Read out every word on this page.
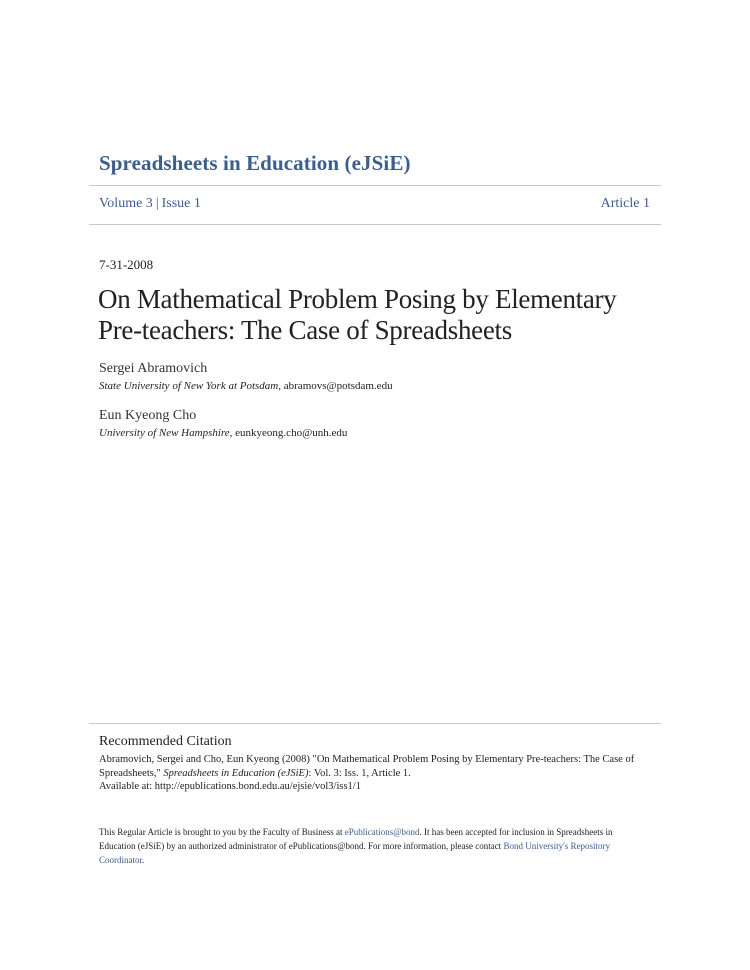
Spreadsheets in Education (eJSiE)
Volume 3 | Issue 1	Article 1
7-31-2008
On Mathematical Problem Posing by Elementary Pre-teachers: The Case of Spreadsheets
Sergei Abramovich
State University of New York at Potsdam, abramovs@potsdam.edu
Eun Kyeong Cho
University of New Hampshire, eunkyeong.cho@unh.edu
Recommended Citation
Abramovich, Sergei and Cho, Eun Kyeong (2008) "On Mathematical Problem Posing by Elementary Pre-teachers: The Case of Spreadsheets," Spreadsheets in Education (eJSiE): Vol. 3: Iss. 1, Article 1.
Available at: http://epublications.bond.edu.au/ejsie/vol3/iss1/1
This Regular Article is brought to you by the Faculty of Business at ePublications@bond. It has been accepted for inclusion in Spreadsheets in Education (eJSiE) by an authorized administrator of ePublications@bond. For more information, please contact Bond University's Repository Coordinator.
